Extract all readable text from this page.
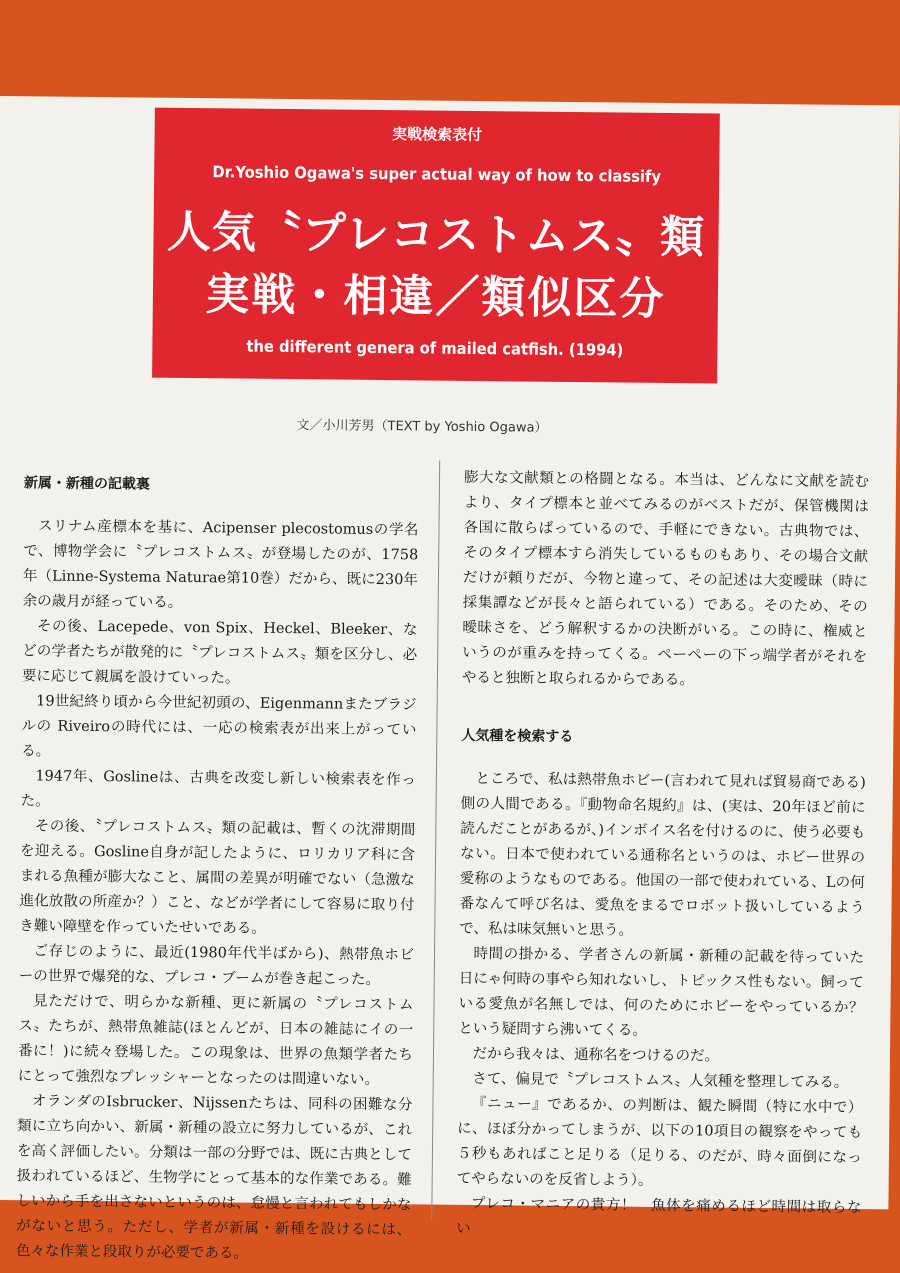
実戦検索表付
Dr.Yoshio Ogawa's super actual way of how to classify
人気〝プレコストムス〟類
実戦・相違／類似区分
the different genera of mailed catfish. (1994)
文／小川芳男（TEXT by Yoshio Ogawa）
新属・新種の記載裏

スリナム産標本を基に、Acipenser plecostomusの学名で、博物学会に〝プレコストムス〟が登場したのが、1758年（Linne-Systema Naturae第10巻）だから、既に230年余の歳月が経っている。

その後、Lacepede、von Spix、Heckel、Bleeker、などの学者たちが散発的に〝プレコストムス〟類を区分し、必要に応じて親属を設けていった。

19世紀終り頃から今世紀初頭の、Eigenmannまたブラジルの Riveiroの時代には、一応の検索表が出来上がっている。

1947年、Goslineは、古典を改変し新しい検索表を作った。

その後、〝プレコストムス〟類の記載は、暫くの沈滞期間を迎える。Gosline自身が記したように、ロリカリア科に含まれる魚種が膨大なこと、属間の差異が明確でない（急激な進化放散の所産か？）こと、などが学者にして容易に取り付き難い障壁を作っていたせいである。

ご存じのように、最近(1980年代半ばから)、熱帯魚ホビーの世界で爆発的な、プレコ・ブームが巻き起こった。

見ただけで、明らかな新種、更に新属の〝プレコストムス〟たちが、熱帯魚雑誌(ほとんどが、日本の雑誌にイの一番に！)に続々登場した。この現象は、世界の魚類学者たちにとって強烈なプレッシャーとなったのは間違いない。

オランダのIsbrucker、Nijssenたちは、同科の困難な分類に立ち向かい、新属・新種の設立に努力しているが、これを高く評価したい。分類は一部の分野では、既に古典として扱われているほど、生物学にとって基本的な作業である。難しいから手を出さないというのは、怠慢と言われてもしかながないと思う。ただし、学者が新属・新種を設けるには、色々な作業と段取りが必要である。

膨大な文献類との格闘となる。本当は、どんなに文献を読むより、タイプ標本と並べてみるのがベストだが、保管機関は各国に散らばっているので、手軽にできない。古典物では、そのタイプ標本すら消失しているものもあり、その場合文献だけが頼りだが、今物と違って、その記述は大変曖昧（時に採集譚などが長々と語られている）である。そのため、その曖昧さを、どう解釈するかの決断がいる。この時に、権威というのが重みを持ってくる。ペーペーの下っ端学者がそれをやると独断と取られるからである。

人気種を検索する

ところで、私は熱帯魚ホビー(言われて見れば貿易商である)側の人間である。『動物命名規約』は、(実は、20年ほど前に読んだことがあるが、)インボイス名を付けるのに、使う必要もない。日本で使われている通称名というのは、ホビー世界の愛称のようなものである。他国の一部で使われている、Lの何番なんて呼び名は、愛魚をまるでロボット扱いしているようで、私は味気無いと思う。

時間の掛かる、学者さんの新属・新種の記載を待っていた日にゃ何時の事やら知れないし、トピックス性もない。飼っている愛魚が名無しでは、何のためにホビーをやっているか？　という疑問すら沸いてくる。

だから我々は、通称名をつけるのだ。

さて、偏見で〝プレコストムス〟人気種を整理してみる。

『ニュー』であるか、の判断は、観た瞬間（特に水中で）に、ほぼ分かってしまうが、以下の10項目の観察をやっても５秒もあればこと足りる（足りる、のだが、時々面倒になってやらないのを反省しよう）。

プレコ・マニアの貴方！　魚体を痛めるほど時間は取らない
